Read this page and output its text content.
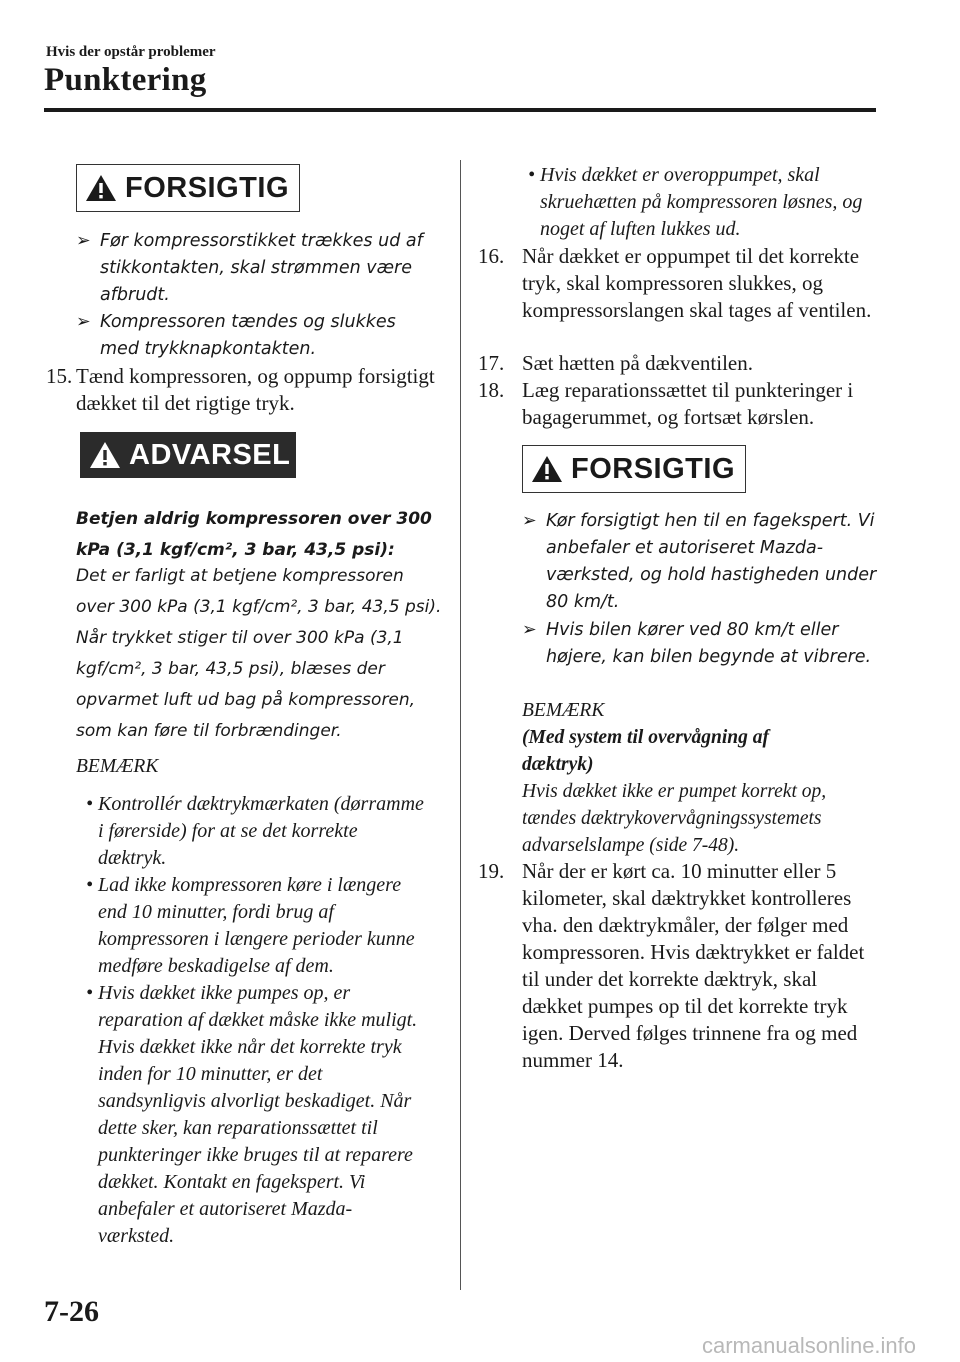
Hvis der opstår problemer
Punktering
FORSIGTIG
➢ Før kompressorstikket trækkes ud af stikkontakten, skal strømmen være afbrudt.
➢ Kompressoren tændes og slukkes med trykknapkontakten.
15. Tænd kompressoren, og oppump forsigtigt dækket til det rigtige tryk.
ADVARSEL
Betjen aldrig kompressoren over 300 kPa (3,1 kgf/cm², 3 bar, 43,5 psi):
Det er farligt at betjene kompressoren over 300 kPa (3,1 kgf/cm², 3 bar, 43,5 psi). Når trykket stiger til over 300 kPa (3,1 kgf/cm², 3 bar, 43,5 psi), blæses der opvarmet luft ud bag på kompressoren, som kan føre til forbrændinger.
BEMÆRK
• Kontrollér dæktrykmærkaten (dørramme i førerside) for at se det korrekte dæktryk.
• Lad ikke kompressoren køre i længere end 10 minutter, fordi brug af kompressoren i længere perioder kunne medføre beskadigelse af dem.
• Hvis dækket ikke pumpes op, er reparation af dækket måske ikke muligt. Hvis dækket ikke når det korrekte tryk inden for 10 minutter, er det sandsynligvis alvorligt beskadiget. Når dette sker, kan reparationssættet til punkteringer ikke bruges til at reparere dækket. Kontakt en fagekspert. Vi anbefaler et autoriseret Mazda-værksted.
• Hvis dækket er overoppumpet, skal skruehætten på kompressoren løsnes, og noget af luften lukkes ud.
16. Når dækket er oppumpet til det korrekte tryk, skal kompressoren slukkes, og kompressorslangen skal tages af ventilen.
17. Sæt hætten på dækventilen.
18. Læg reparationssættet til punkteringer i bagagerummet, og fortsæt kørslen.
FORSIGTIG
➢ Kør forsigtigt hen til en fagekspert. Vi anbefaler et autoriseret Mazda-værksted, og hold hastigheden under 80 km/t.
➢ Hvis bilen kører ved 80 km/t eller højere, kan bilen begynde at vibrere.
BEMÆRK
(Med system til overvågning af dæktryk)
Hvis dækket ikke er pumpet korrekt op, tændes dæktrykovervågningssystemets advarselslampe (side 7-48).
19. Når der er kørt ca. 10 minutter eller 5 kilometer, skal dæktrykket kontrolleres vha. den dæktrykmåler, der følger med kompressoren. Hvis dæktrykket er faldet til under det korrekte dæktryk, skal dækket pumpes op til det korrekte tryk igen. Derved følges trinnene fra og med nummer 14.
7-26
carmanualsonline.info
